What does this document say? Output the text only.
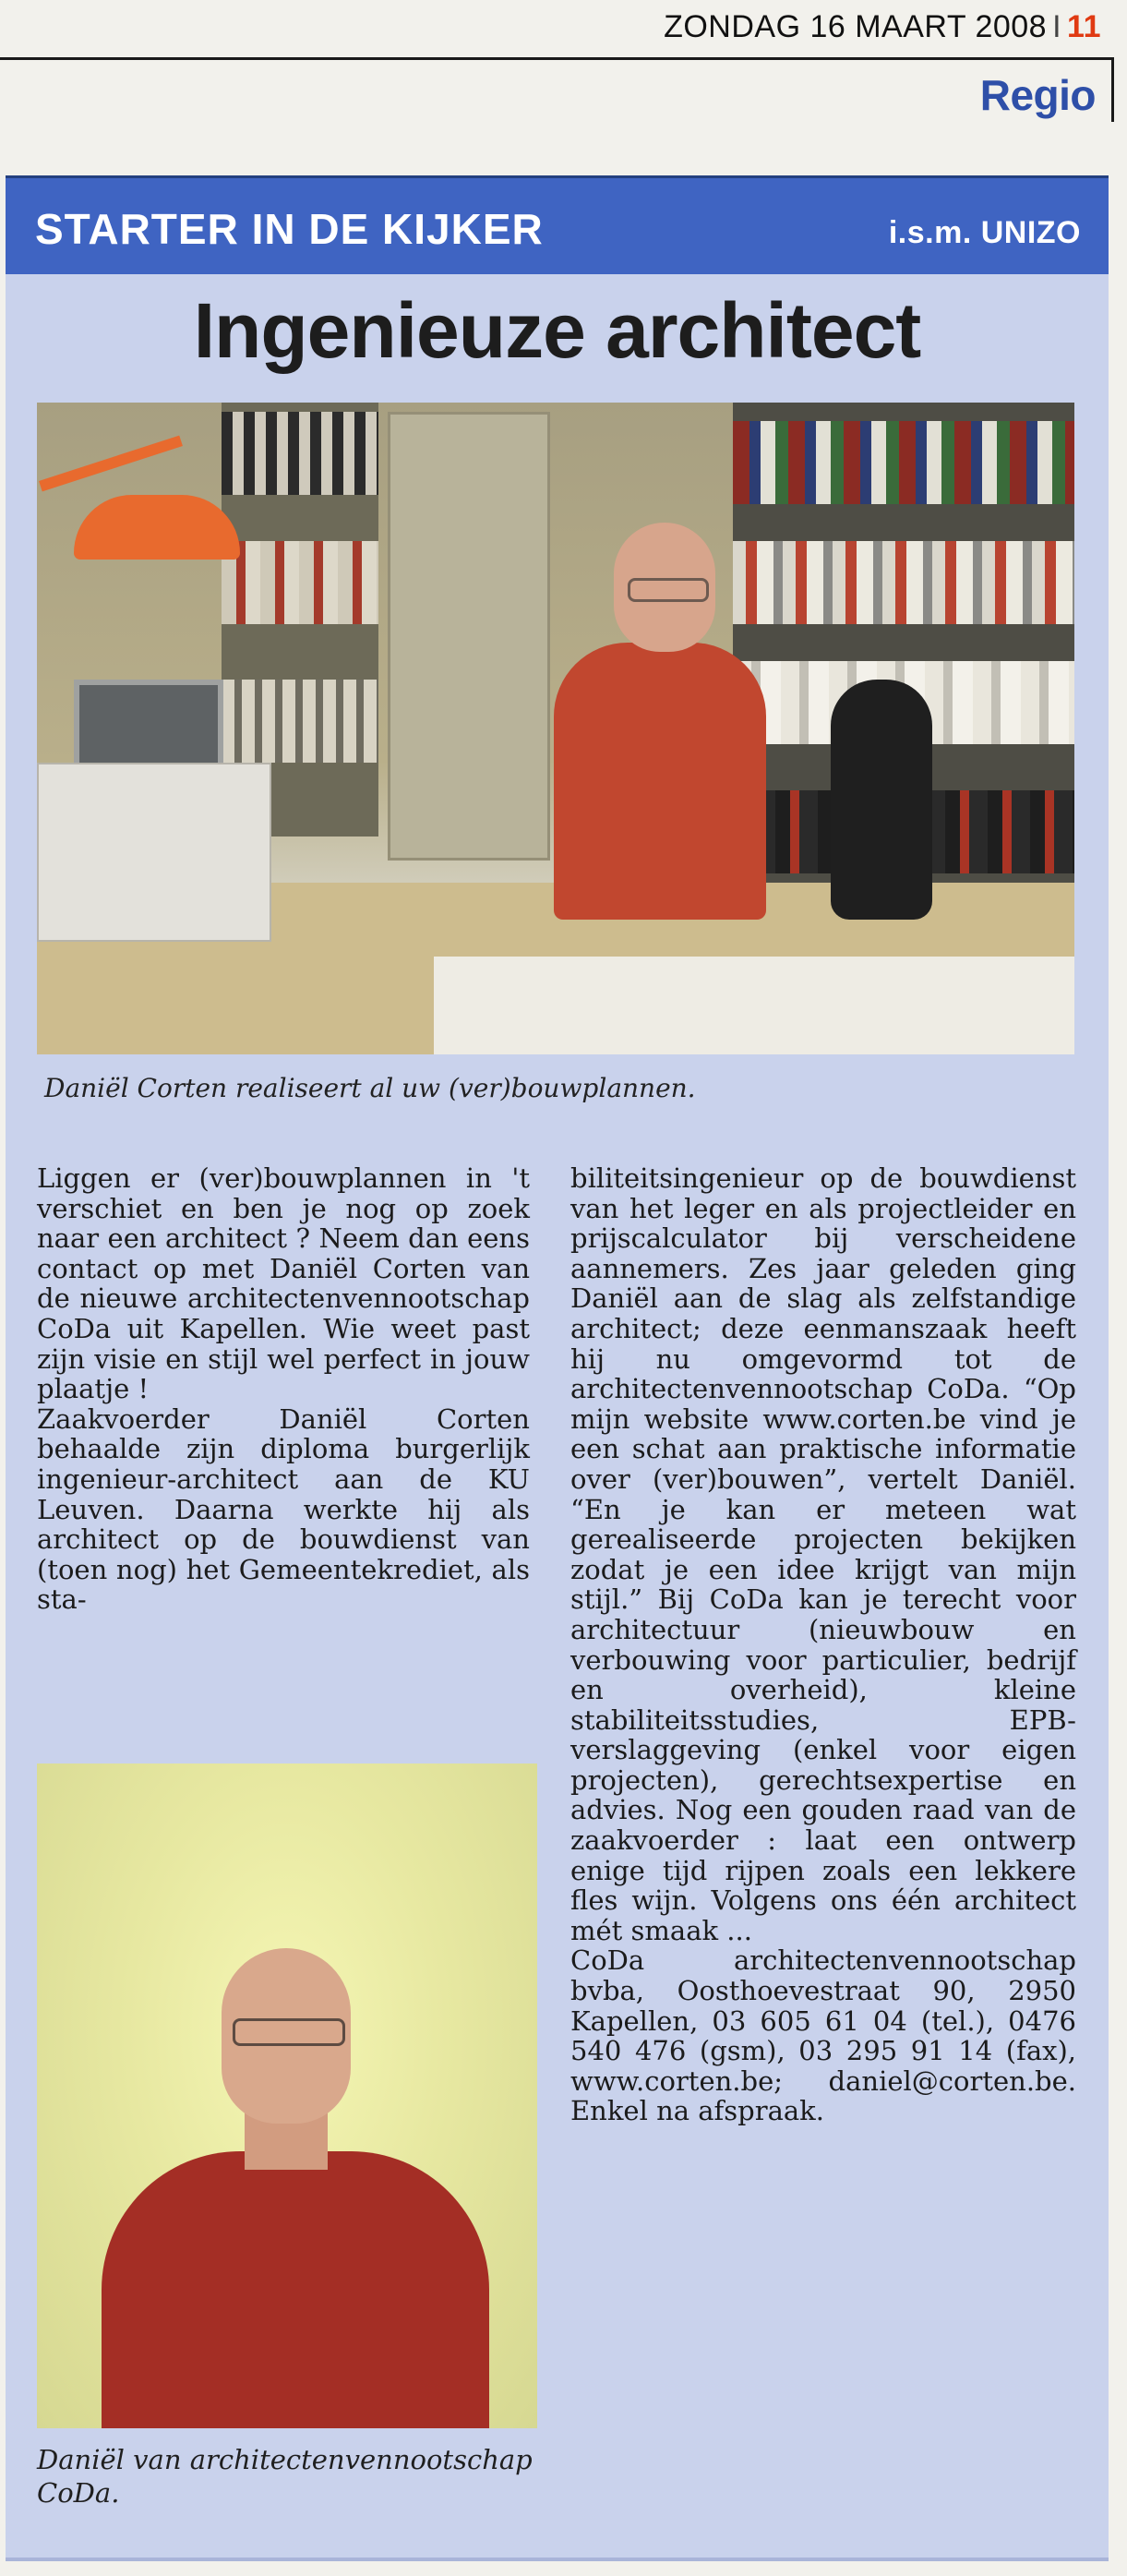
ZONDAG 16 MAART 2008 I 11
Regio
STARTER IN DE KIJKER	i.s.m. UNIZO
Ingenieuze architect
Daniël Corten realiseert al uw (ver)bouwplannen.

Liggen er (ver)bouwplannen in 't verschiet en ben je nog op zoek naar een architect ? Neem dan eens contact op met Daniël Corten van de nieuwe architectenvennootschap CoDa uit Kapellen. Wie weet past zijn visie en stijl wel perfect in jouw plaatje !

Zaakvoerder Daniël Corten behaalde zijn diploma burgerlijk ingenieur-architect aan de KU Leuven. Daarna werkte hij als architect op de bouwdienst van (toen nog) het Gemeentekrediet, als sta-

biliteitsingenieur op de bouwdienst van het leger en als projectleider en prijscalculator bij verscheidene aannemers. Zes jaar geleden ging Daniël aan de slag als zelfstandige architect; deze eenmanszaak heeft hij nu omgevormd tot de architectenvennootschap CoDa. “Op mijn website www.corten.be vind je een schat aan praktische informatie over (ver)bouwen”, vertelt Daniël. “En je kan er meteen wat gerealiseerde projecten bekijken zodat je een idee krijgt van mijn stijl.” Bij CoDa kan je terecht voor architectuur (nieuwbouw en verbouwing voor particulier, bedrijf en overheid), kleine stabiliteitsstudies, EPB-verslaggeving (enkel voor eigen projecten), gerechtsexpertise en advies. Nog een gouden raad van de zaakvoerder : laat een ontwerp enige tijd rijpen zoals een lekkere fles wijn. Volgens ons één architect mét smaak ...

CoDa architectenvennootschap bvba, Oosthoevestraat 90, 2950 Kapellen, 03 605 61 04 (tel.), 0476 540 476 (gsm), 03 295 91 14 (fax), www.corten.be; daniel@corten.be. Enkel na afspraak.

Daniël van architectenvennootschap CoDa.
